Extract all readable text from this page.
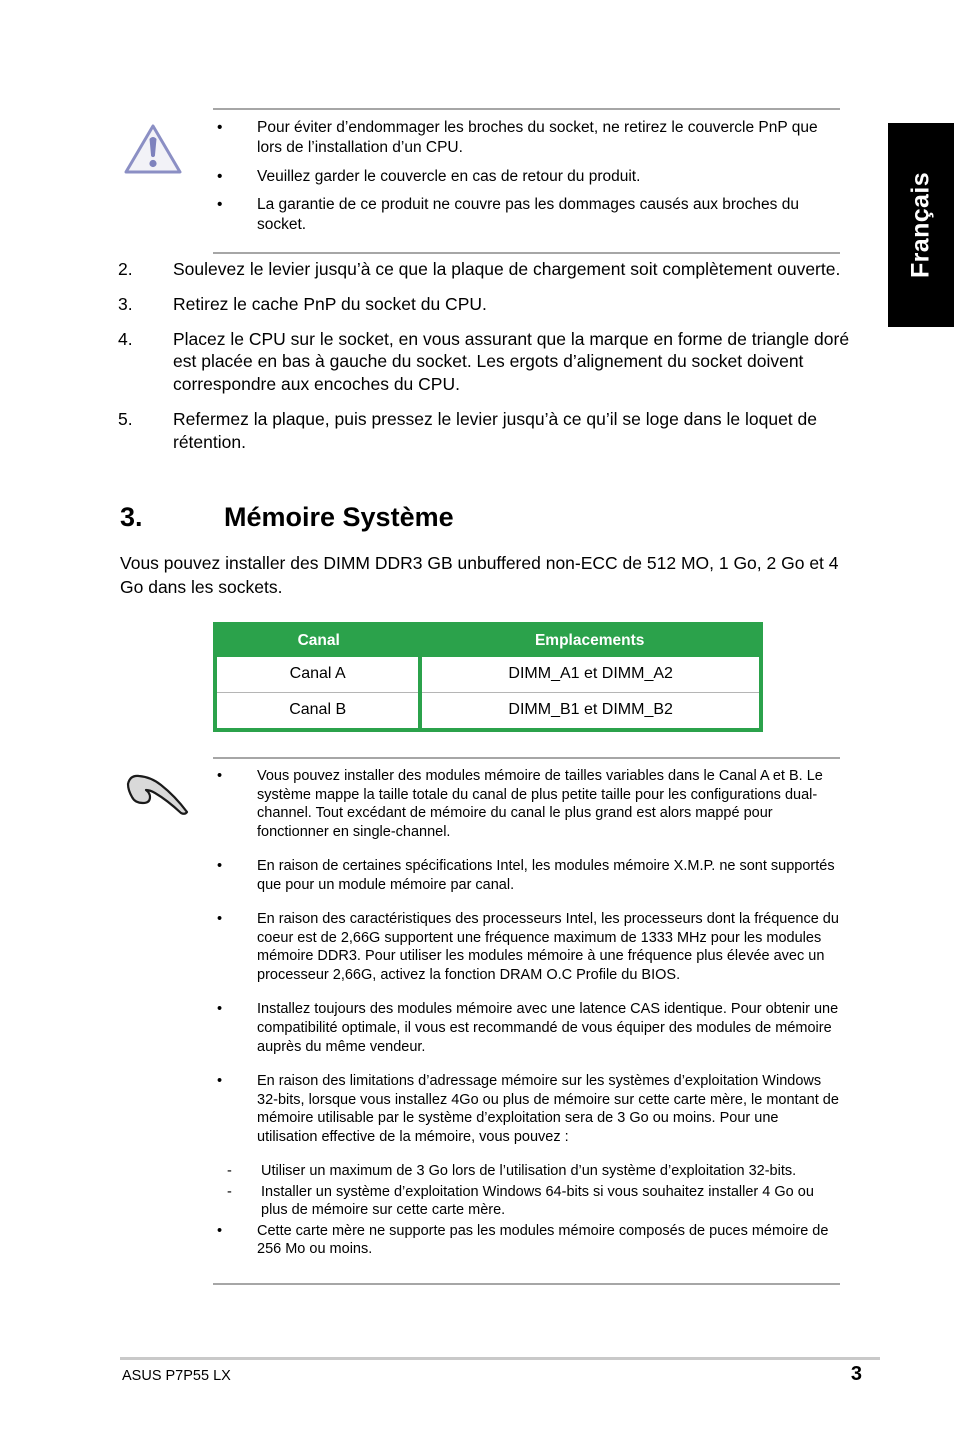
Français
•	Pour éviter d’endommager les broches du socket, ne retirez le couvercle PnP que lors de l’installation d’un CPU.
•	Veuillez garder le couvercle en cas de retour du produit.
•	La garantie de ce produit ne couvre pas les dommages causés aux broches du socket.
2.	Soulevez le levier jusqu’à ce que la plaque de chargement soit complètement ouverte.
3.	Retirez le cache PnP du socket du CPU.
4.	Placez le CPU sur le socket, en vous assurant que la marque en forme de triangle doré est placée en bas à gauche du socket. Les ergots d’alignement du socket doivent correspondre aux encoches du CPU.
5.	Refermez la plaque, puis pressez le levier jusqu’à ce qu’il se loge dans le loquet de rétention.
3.	Mémoire Système
Vous pouvez installer des DIMM DDR3 GB unbuffered non-ECC de 512 MO, 1 Go, 2 Go et 4 Go dans les sockets.
Canal	Emplacements
Canal A	DIMM_A1 et DIMM_A2
Canal B	DIMM_B1 et DIMM_B2
•	Vous pouvez installer des modules mémoire de tailles variables dans le Canal A et B. Le système mappe la taille totale du canal de plus petite taille pour les configurations dual-channel. Tout excédant de mémoire du canal le plus grand est alors mappé pour fonctionner en single-channel.
•	En raison de certaines spécifications Intel, les modules mémoire X.M.P. ne sont supportés que pour un module mémoire par canal.
•	En raison des caractéristiques des processeurs Intel, les processeurs dont la fréquence du coeur est de 2,66G supportent une fréquence maximum de 1333 MHz pour les modules mémoire DDR3. Pour utiliser les modules mémoire à une fréquence plus élevée avec un processeur 2,66G, activez la fonction DRAM O.C Profile du BIOS.
•	Installez toujours des modules mémoire avec une latence CAS identique. Pour obtenir une compatibilité optimale, il vous est recommandé de vous équiper des modules de mémoire auprès du même vendeur.
•	En raison des limitations d’adressage mémoire sur les systèmes d’exploitation Windows 32-bits, lorsque vous installez 4Go ou plus de mémoire sur cette carte mère, le montant de mémoire utilisable par le système d’exploitation sera de 3 Go ou moins. Pour une utilisation effective de la mémoire, vous pouvez :
-	Utiliser un maximum de 3 Go lors de l’utilisation d’un système d’exploitation 32-bits.
-	Installer un système d’exploitation Windows 64-bits si vous souhaitez installer 4 Go ou plus de mémoire sur cette carte mère.
•	Cette carte mère ne supporte pas les modules mémoire composés de puces mémoire de 256 Mo ou moins.
ASUS P7P55 LX	3
